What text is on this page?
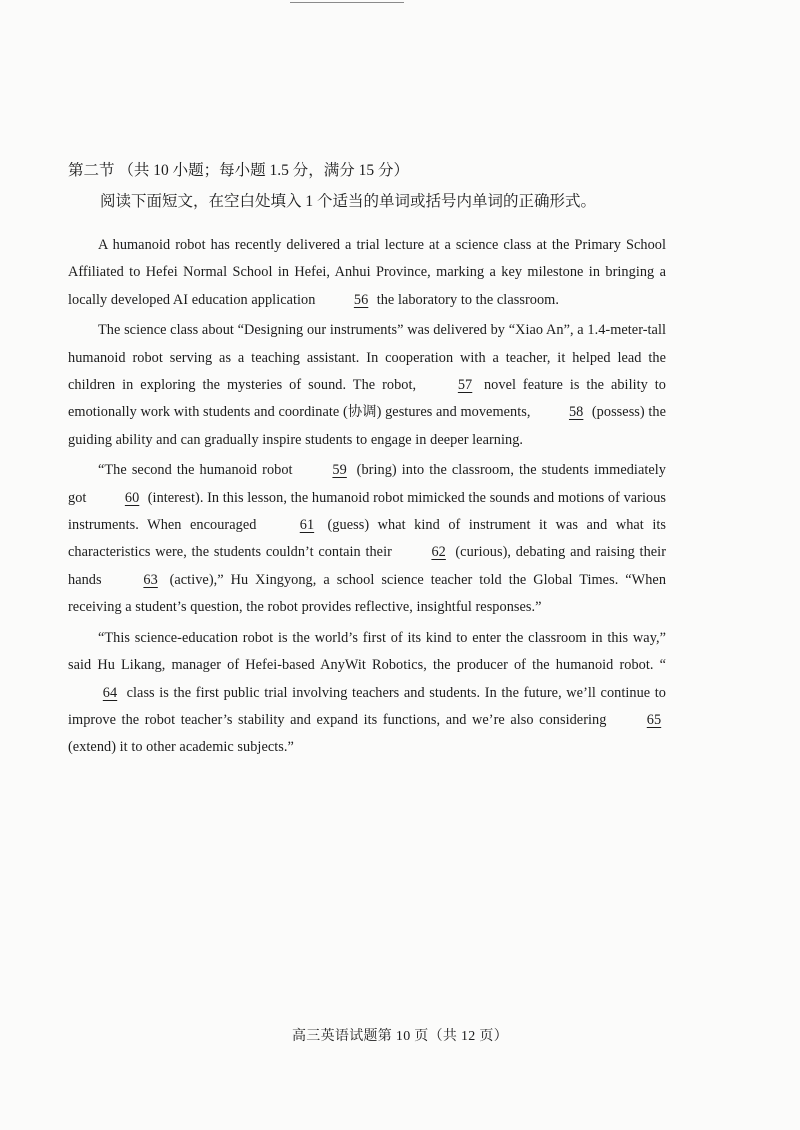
第二节 （共 10 小题；每小题 1.5 分，满分 15 分）
阅读下面短文，在空白处填入 1 个适当的单词或括号内单词的正确形式。

A humanoid robot has recently delivered a trial lecture at a science class at the Primary School Affiliated to Hefei Normal School in Hefei, Anhui Province, marking a key milestone in bringing a locally developed AI education application	56 the laboratory to the classroom.

The science class about “Designing our instruments” was delivered by “Xiao An”, a 1.4-meter-tall humanoid robot serving as a teaching assistant. In cooperation with a teacher, it helped lead the children in exploring the mysteries of sound. The robot,	57 novel feature is the ability to emotionally work with students and coordinate (协调) gestures and movements,	58 (possess) the guiding ability and can gradually inspire students to engage in deeper learning.

“The second the humanoid robot	59 (bring) into the classroom, the students immediately got	60 (interest). In this lesson, the humanoid robot mimicked the sounds and motions of various instruments. When encouraged	61 (guess) what kind of instrument it was and what its characteristics were, the students couldn’t contain their	62 (curious), debating and raising their hands	63 (active),” Hu Xingyong, a school science teacher told the Global Times. “When receiving a student’s question, the robot provides reflective, insightful responses.”

“This science-education robot is the world’s first of its kind to enter the classroom in this way,” said Hu Likang, manager of Hefei-based AnyWit Robotics, the producer of the humanoid robot. “64 class is the first public trial involving teachers and students. In the future, we’ll continue to improve the robot teacher’s stability and expand its functions, and we’re also considering	65 (extend) it to other academic subjects.”

高三英语试题第 10 页（共 12 页）
